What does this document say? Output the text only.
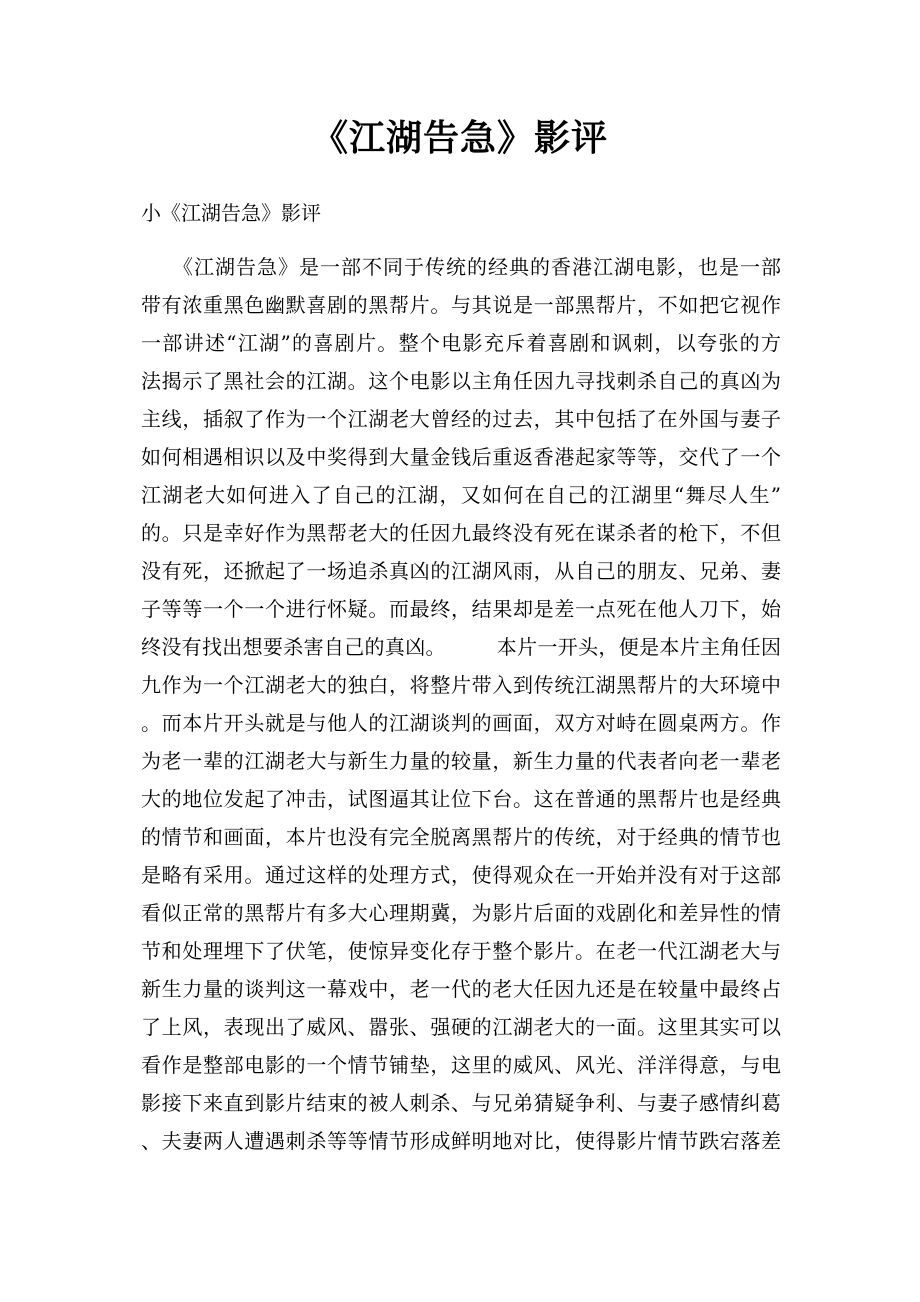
《江湖告急》影评

小《江湖告急》影评

　　《江湖告急》是一部不同于传统的经典的香港江湖电影，也是一部
带有浓重黑色幽默喜剧的黑帮片。与其说是一部黑帮片，不如把它视作
一部讲述“江湖”的喜剧片。整个电影充斥着喜剧和讽刺，以夸张的方
法揭示了黑社会的江湖。这个电影以主角任因九寻找刺杀自己的真凶为
主线，插叙了作为一个江湖老大曾经的过去，其中包括了在外国与妻子
如何相遇相识以及中奖得到大量金钱后重返香港起家等等，交代了一个
江湖老大如何进入了自己的江湖，又如何在自己的江湖里“舞尽人生”
的。只是幸好作为黑帮老大的任因九最终没有死在谋杀者的枪下，不但
没有死，还掀起了一场追杀真凶的江湖风雨，从自己的朋友、兄弟、妻
子等等一个一个进行怀疑。而最终，结果却是差一点死在他人刀下，始
终没有找出想要杀害自己的真凶。　　　本片一开头，便是本片主角任因
九作为一个江湖老大的独白，将整片带入到传统江湖黑帮片的大环境中
。而本片开头就是与他人的江湖谈判的画面，双方对峙在圆桌两方。作
为老一辈的江湖老大与新生力量的较量，新生力量的代表者向老一辈老
大的地位发起了冲击，试图逼其让位下台。这在普通的黑帮片也是经典
的情节和画面，本片也没有完全脱离黑帮片的传统，对于经典的情节也
是略有采用。通过这样的处理方式，使得观众在一开始并没有对于这部
看似正常的黑帮片有多大心理期冀，为影片后面的戏剧化和差异性的情
节和处理埋下了伏笔，使惊异变化存于整个影片。在老一代江湖老大与
新生力量的谈判这一幕戏中，老一代的老大任因九还是在较量中最终占
了上风，表现出了威风、嚣张、强硬的江湖老大的一面。这里其实可以
看作是整部电影的一个情节铺垫，这里的威风、风光、洋洋得意，与电
影接下来直到影片结束的被人刺杀、与兄弟猜疑争利、与妻子感情纠葛
、夫妻两人遭遇刺杀等等情节形成鲜明地对比，使得影片情节跌宕落差
